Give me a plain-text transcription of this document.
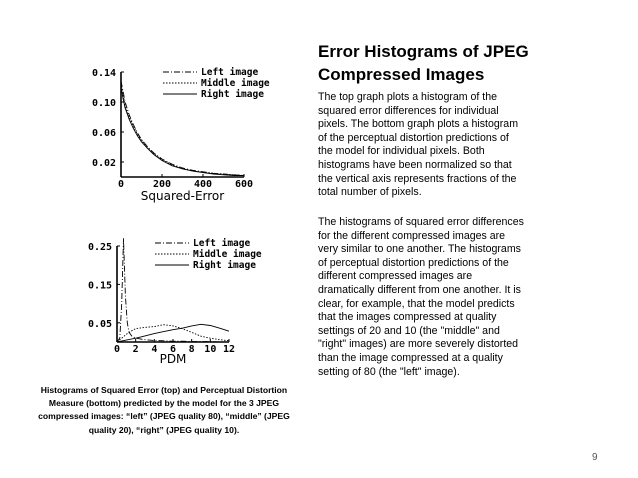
Error Histograms of JPEG
Compressed Images
The top graph plots a histogram of the squared error differences for individual pixels. The bottom graph plots a histogram of the perceptual distortion predictions of the model for individual pixels. Both histograms have been normalized so that the vertical axis represents fractions of the total number of pixels.
The histograms of squared error differences for the different compressed images are very similar to one another. The histograms of perceptual distortion predictions of the different compressed images are dramatically different from one another. It is clear, for example, that the model predicts that the images compressed at quality settings of 20 and 10 (the "middle" and "right" images) are more severely distorted than the image compressed at a quality setting of 80 (the "left" image).
0	200 400 600
0.02
0.06
0.10
0.14	Left image
Middle image
Right image
Squared-Error
0 2 4 6 8 10 12
0.05
0.15
0.25	Left image
Middle image
Right image
PDM
Histograms of Squared Error (top) and Perceptual Distortion Measure (bottom) predicted by the model for the 3 JPEG compressed images: “left” (JPEG quality 80), “middle” (JPEG quality 20), “right” (JPEG quality 10).
9
